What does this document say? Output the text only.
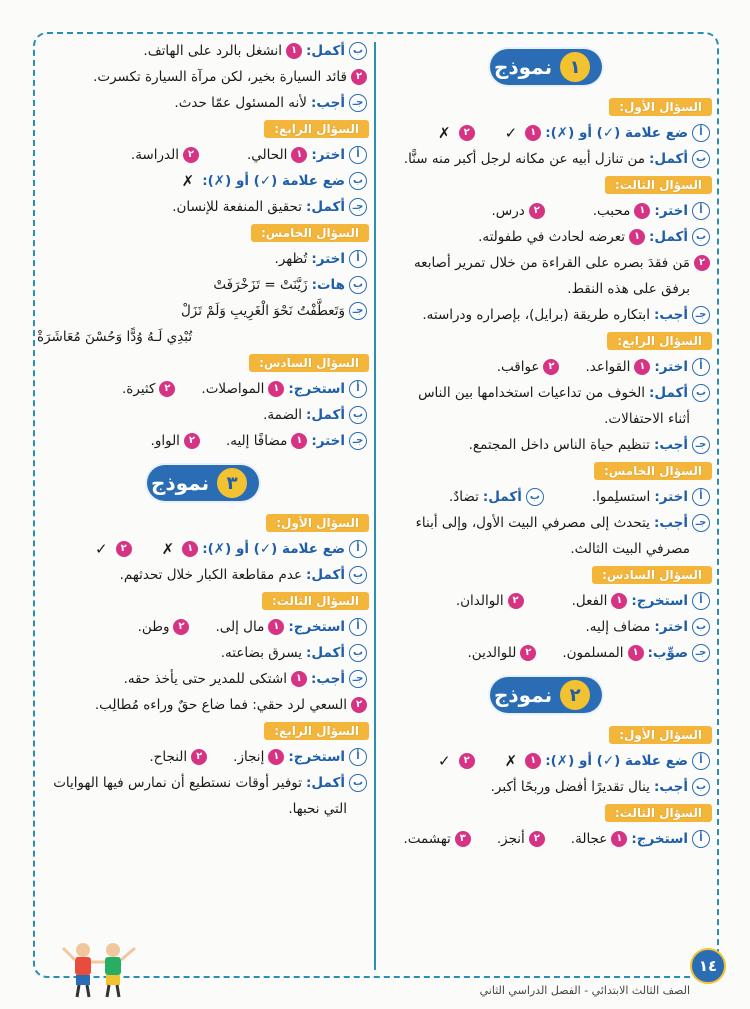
١
نموذج
السؤال الأول:
أ
ضع علامة (✓) أو (✗):
١
✓
٢
✗
ب
أكمل:
من تنازل أبيه عن مكانه لرجل أكبر منه سنًّا.
السؤال الثالث:
أ
اختر:
١
محبب.
٢
درس.
ب
أكمل:
١
تعرضه لحادث في طفولته.
٢
مَن فقدَ بصره على القراءة من خلال تمرير أصابعه
برفق على هذه النقط.
جـ
أجب:
ابتكاره طريقة (برايل)، بإصراره ودراسته.
السؤال الرابع:
أ
اختر:
١
القواعد.
٢
عواقب.
ب
أكمل:
الخوف من تداعيات استخدامها بين الناس
أثناء الاحتفالات.
جـ
أجب:
تنظيم حياة الناس داخل المجتمع.
السؤال الخامس:
أ
اختر:
استسلِموا.
ب
أكمل:
تضادٌ.
جـ
أجب:
يتحدث إلى مصرفي البيت الأول، وإلى أبناء
مصرفي البيت الثالث.
السؤال السادس:
أ
استخرج:
١
الفعل.
٢
الوالدان.
ب
اختر:
مضاف إليه.
جـ
صوِّب:
١
المسلمون.
٢
للوالدين.
٢
نموذج
السؤال الأول:
أ
ضع علامة (✓) أو (✗):
١
✗
٢
✓
ب
أجب:
ينال تقديرًا أفضل وربحًا أكبر.
السؤال الثالث:
أ
استخرج:
١
عجالة.
٢
أنجز.
٣
تهشمت.
ب
أكمل:
١
انشغل بالرد على الهاتف.
٢
قائد السيارة بخير، لكن مرآة السيارة تكسرت.
جـ
أجب:
لأنه المسئول عمّا حدث.
السؤال الرابع:
أ
اختر:
١
الحالي.
٢
الدراسة.
ب
ضع علامة (✓) أو (✗):
✗
جـ
أكمل:
تحقيق المنفعة للإنسان.
السؤال الخامس:
أ
اختر:
تُظهر.
ب
هات:
زَيَّنَتْ = تَزَخْرَفَتْ
جـ
وَتَعطَّفْتُ نَحْوَ الْغَرِيبِ وَلَمْ تَزَلْ
تُبْدِي لَـهُ وُدًّا وَحُسْنَ مُعَاشَرَةْ
السؤال السادس:
أ
استخرج:
١
المواصلات.
٢
كثيرة.
ب
أكمل:
الضمة.
جـ
اختر:
١
مضافًا إليه.
٢
الواو.
٣
نموذج
السؤال الأول:
أ
ضع علامة (✓) أو (✗):
١
✗
٢
✓
ب
أكمل:
عدم مقاطعة الكبار خلال تحدثهم.
السؤال الثالث:
أ
استخرج:
١
مال إلى.
٢
وطن.
ب
أكمل:
يسرق بضاعته.
جـ
أجب:
١
اشتكى للمدير حتى يأخذ حقه.
٢
السعي لرد حقي: فما ضاع حقٌ وراءه مُطالِب.
السؤال الرابع:
أ
استخرج:
١
إنجاز.
٢
النجاح.
ب
أكمل:
توفير أوقات نستطيع أن نمارس فيها الهوايات
التي نحبها.
١٤
الصف الثالث الابتدائي - الفصل الدراسي الثاني
